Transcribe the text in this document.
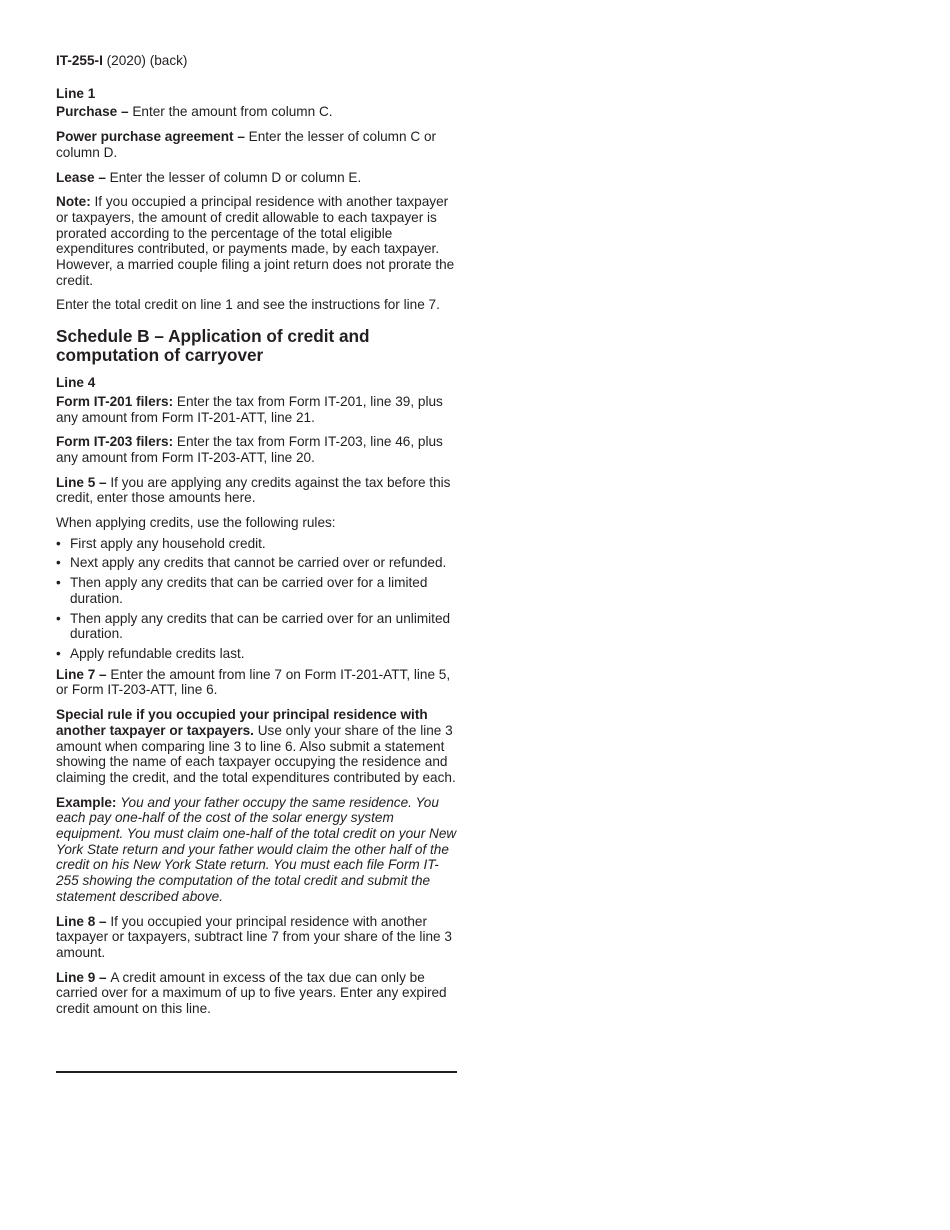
IT-255-I (2020) (back)

Line 1

Purchase – Enter the amount from column C.

Power purchase agreement – Enter the lesser of column C or column D.

Lease – Enter the lesser of column D or column E.

Note: If you occupied a principal residence with another taxpayer or taxpayers, the amount of credit allowable to each taxpayer is prorated according to the percentage of the total eligible expenditures contributed, or payments made, by each taxpayer. However, a married couple filing a joint return does not prorate the credit.

Enter the total credit on line 1 and see the instructions for line 7.

Schedule B – Application of credit and computation of carryover
Line 4

Form IT-201 filers: Enter the tax from Form IT-201, line 39, plus any amount from Form IT-201-ATT, line 21.

Form IT-203 filers: Enter the tax from Form IT-203, line 46, plus any amount from Form IT-203-ATT, line 20.

Line 5 – If you are applying any credits against the tax before this credit, enter those amounts here.

When applying credits, use the following rules:

• First apply any household credit.
• Next apply any credits that cannot be carried over or refunded.
• Then apply any credits that can be carried over for a limited duration.
• Then apply any credits that can be carried over for an unlimited duration.
• Apply refundable credits last.

Line 7 – Enter the amount from line 7 on Form IT-201-ATT, line 5, or Form IT-203-ATT, line 6.

Special rule if you occupied your principal residence with another taxpayer or taxpayers. Use only your share of the line 3 amount when comparing line 3 to line 6. Also submit a statement showing the name of each taxpayer occupying the residence and claiming the credit, and the total expenditures contributed by each.

Example: You and your father occupy the same residence. You each pay one-half of the cost of the solar energy system equipment. You must claim one-half of the total credit on your New York State return and your father would claim the other half of the credit on his New York State return. You must each file Form IT-255 showing the computation of the total credit and submit the statement described above.

Line 8 – If you occupied your principal residence with another taxpayer or taxpayers, subtract line 7 from your share of the line 3 amount.

Line 9 – A credit amount in excess of the tax due can only be carried over for a maximum of up to five years. Enter any expired credit amount on this line.
